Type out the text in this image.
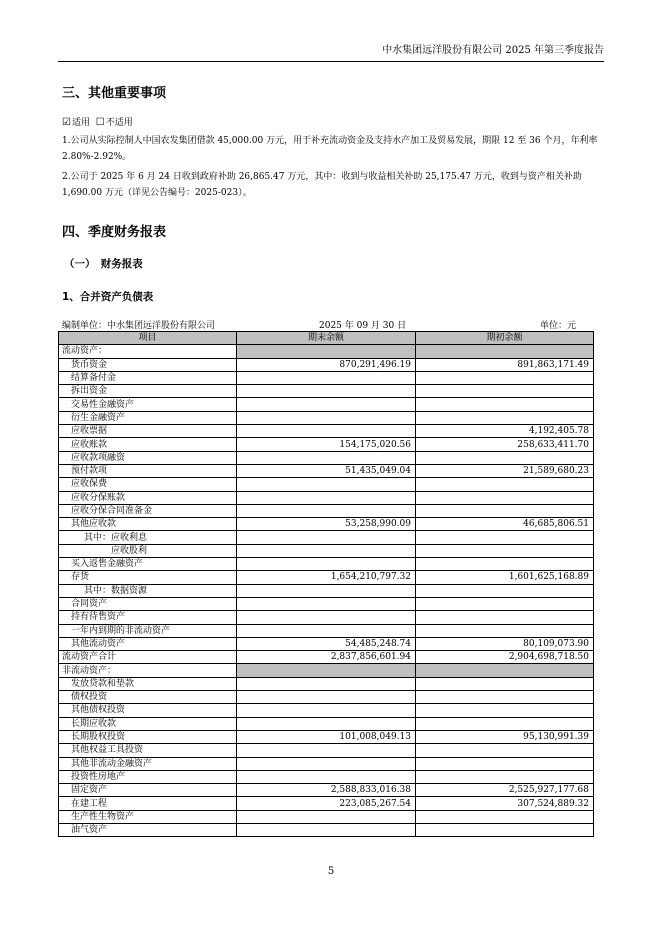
中水集团远洋股份有限公司 2025 年第三季度报告
三、其他重要事项
☑适用 ☐不适用
1.公司从实际控制人中国农发集团借款 45,000.00 万元，用于补充流动资金及支持水产加工及贸易发展，期限 12 至 36 个月，年利率 2.80%-2.92%。
2.公司于 2025 年 6 月 24 日收到政府补助 26,865.47 万元，其中：收到与收益相关补助 25,175.47 万元，收到与资产相关补助 1,690.00 万元（详见公告编号：2025-023）。
四、季度财务报表
（一）　财务报表
1、合并资产负债表
编制单位：中水集团远洋股份有限公司	2025 年 09 月 30 日	单位：元
项目	期末余额	期初余额
流动资产：		
货币资金	870,291,496.19	891,863,171.49
结算备付金		
拆出资金		
交易性金融资产		
衍生金融资产		
应收票据		4,192,405.78
应收账款	154,175,020.56	258,633,411.70
应收款项融资		
预付款项	51,435,049.04	21,589,680.23
应收保费		
应收分保账款		
应收分保合同准备金		
其他应收款	53,258,990.09	46,685,806.51
其中：应收利息		
应收股利		
买入返售金融资产		
存货	1,654,210,797.32	1,601,625,168.89
其中：数据资源		
合同资产		
持有待售资产		
一年内到期的非流动资产		
其他流动资产	54,485,248.74	80,109,073.90
流动资产合计	2,837,856,601.94	2,904,698,718.50
非流动资产：		
发放贷款和垫款		
债权投资		
其他债权投资		
长期应收款		
长期股权投资	101,008,049.13	95,130,991.39
其他权益工具投资		
其他非流动金融资产		
投资性房地产		
固定资产	2,588,833,016.38	2,525,927,177.68
在建工程	223,085,267.54	307,524,889.32
生产性生物资产		
油气资产		
5
